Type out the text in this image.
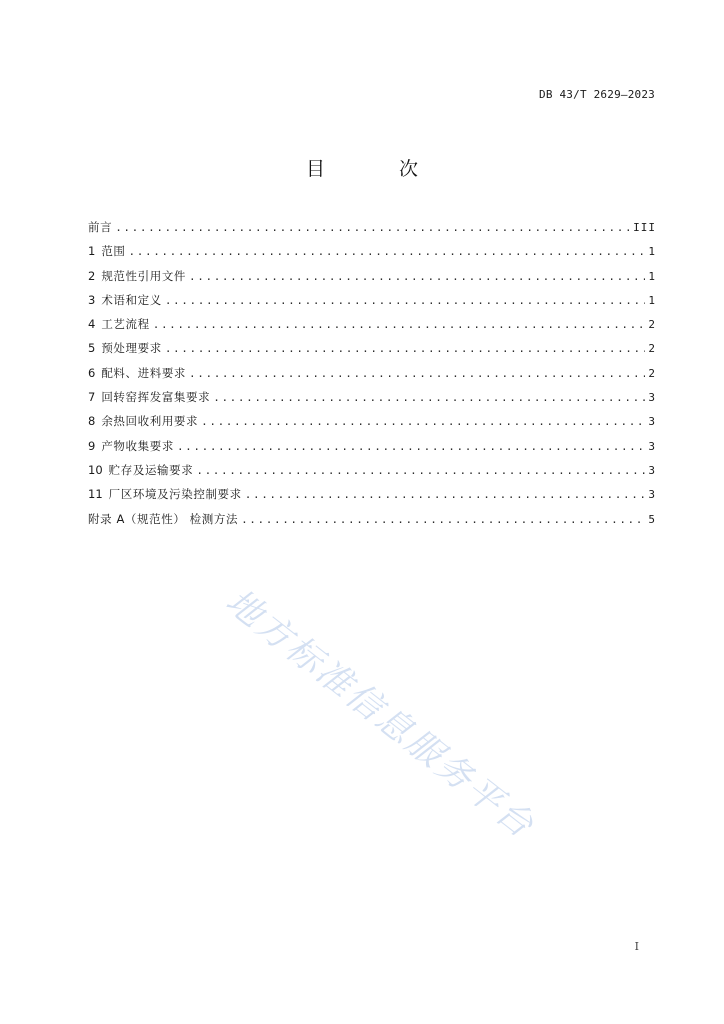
DB 43/T 2629—2023
目 次
前言 .....	III
1 范围 .....	1
2 规范性引用文件 .....	1
3 术语和定义 .....	1
4 工艺流程 .....	2
5 预处理要求 .....	2
6 配料、进料要求 .....	2
7 回转窑挥发富集要求 .....	3
8 余热回收利用要求 .....	3
9 产物收集要求 .....	3
10 贮存及运输要求 .....	3
11 厂区环境及污染控制要求 .....	3
附录 A（规范性） 检测方法 .....	5
地方标准信息服务平台
I
